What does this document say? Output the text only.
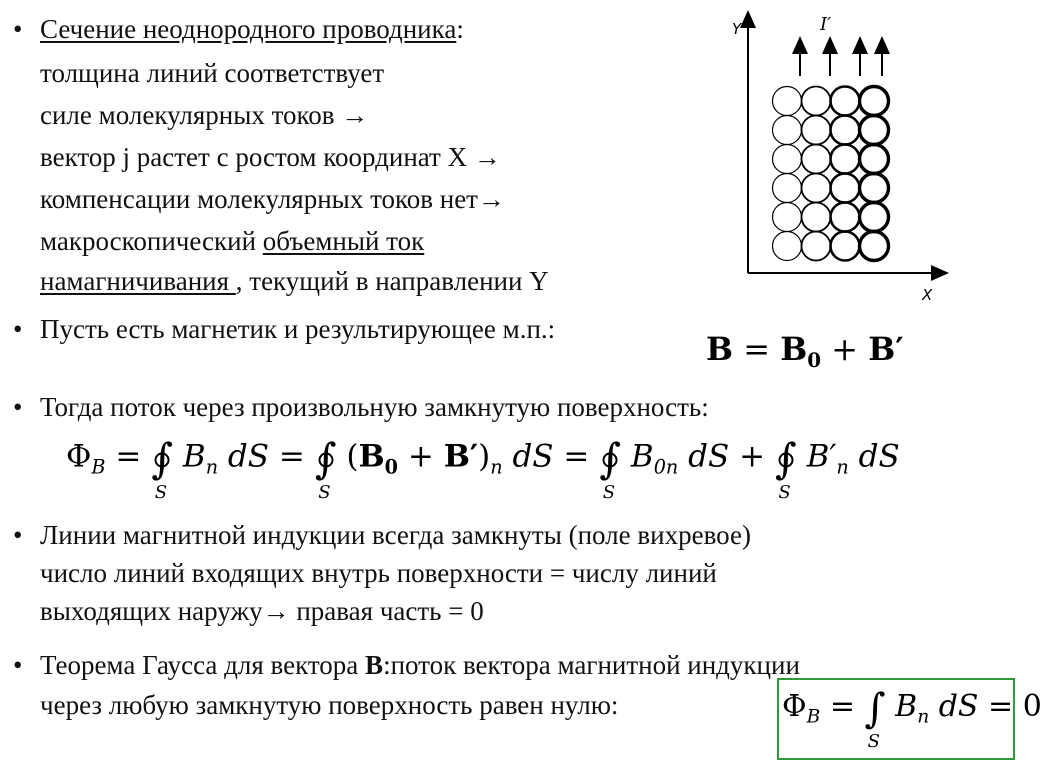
• Сечение неоднородного проводника:
толщина линий соответствует
силе молекулярных токов →
вектор j растет с ростом координат X →
компенсации молекулярных токов нет→
макроскопический объемный ток
намагничивания , текущий в направлении Y
• Пусть есть магнетик и результирующее м.п.:
$B = B_0 + B'$
• Тогда поток через произвольную замкнутую поверхность:
$\Phi_B$ = ∫
S
$B_n$ dS = ∫
S
$(B_0 + B')_n$ dS = ∫
S
$B_{0n}$ dS + ∫
S
$B'_n$ dS
• Линии магнитной индукции всегда замкнуты (поле вихревое)
число линий входящих внутрь поверхности = числу линий
выходящих наружу→ правая часть = 0
• Теорема Гаусса для вектора B:поток вектора магнитной индукции
через любую замкнутую поверхность равен нулю:	$\Phi_B$ = ∫
S
$B_n$ dS = 0
Y
X
I′
